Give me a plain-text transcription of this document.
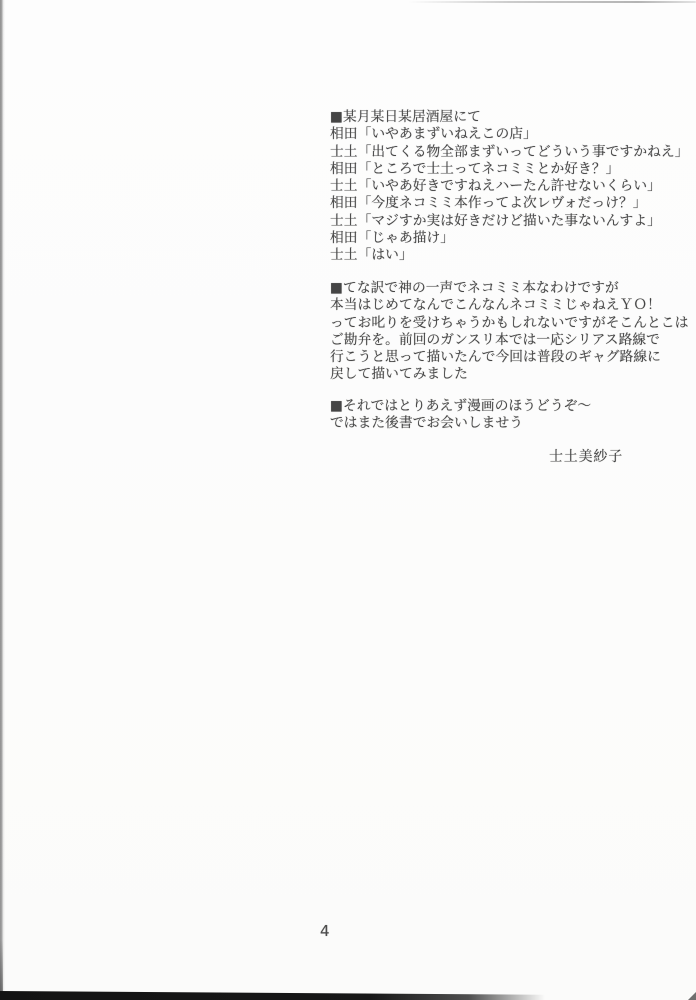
■某月某日某居酒屋にて
相田「いやあまずいねえこの店」
士土「出てくる物全部まずいってどういう事ですかねえ」
相田「ところで士土ってネコミミとか好き？」
士土「いやあ好きですねえハーたん許せないくらい」
相田「今度ネコミミ本作ってよ次レヴォだっけ？」
士土「マジすか実は好きだけど描いた事ないんすよ」
相田「じゃあ描け」
士土「はい」
■てな訳で神の一声でネコミミ本なわけですが
本当はじめてなんでこんなんネコミミじゃねえＹＯ！
ってお叱りを受けちゃうかもしれないですがそこんとこは
ご勘弁を。前回のガンスリ本では一応シリアス路線で
行こうと思って描いたんで今回は普段のギャグ路線に
戻して描いてみました
■それではとりあえず漫画のほうどうぞ～
ではまた後書でお会いしませう
士土美紗子
4
